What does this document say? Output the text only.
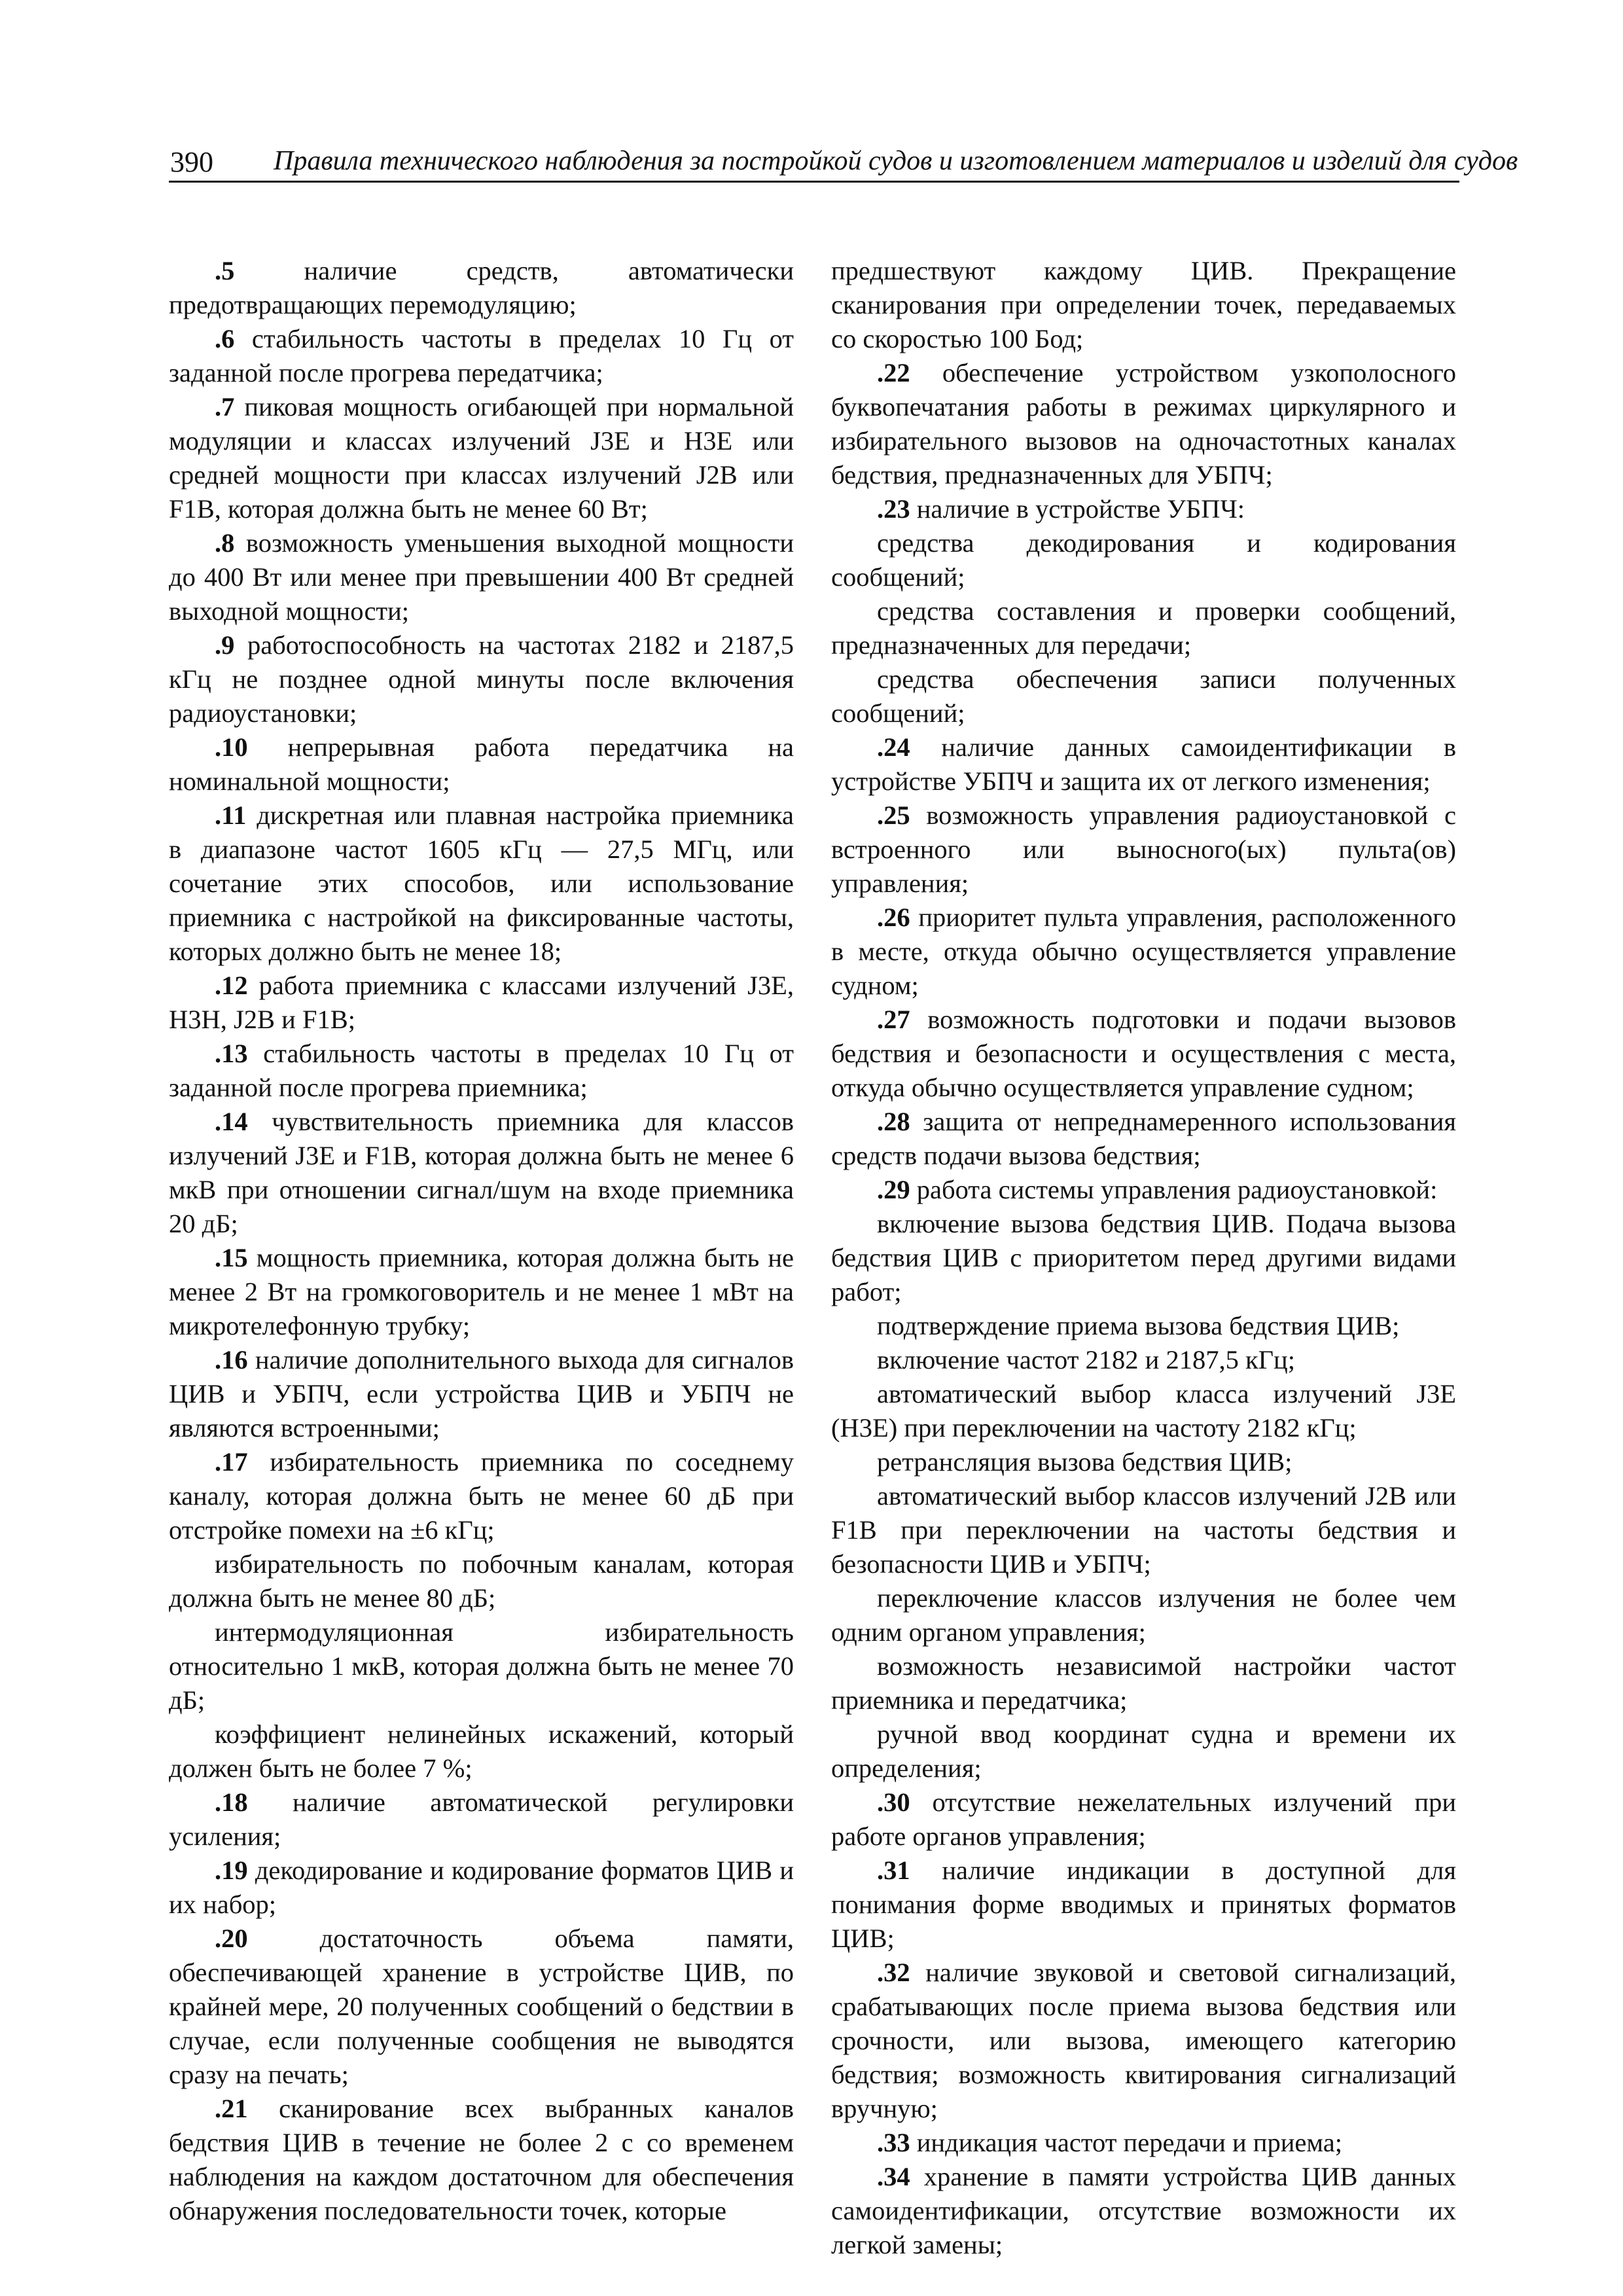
390 Правила технического наблюдения за постройкой судов и изготовлением материалов и изделий для судов

.5 наличие средств, автоматически предотвращающих перемодуляцию;

.6 стабильность частоты в пределах 10 Гц от заданной после прогрева передатчика;

.7 пиковая мощность огибающей при нормальной модуляции и классах излучений J3E и H3E или средней мощности при классах излучений J2B или F1B, которая должна быть не менее 60 Вт;

.8 возможность уменьшения выходной мощности до 400 Вт или менее при превышении 400 Вт средней выходной мощности;

.9 работоспособность на частотах 2182 и 2187,5 кГц не позднее одной минуты после включения радиоустановки;

.10 непрерывная работа передатчика на номинальной мощности;

.11 дискретная или плавная настройка приемника в диапазоне частот 1605 кГц — 27,5 МГц, или сочетание этих способов, или использование приемника с настройкой на фиксированные частоты, которых должно быть не менее 18;

.12 работа приемника с классами излучений J3E, H3H, J2B и F1B;

.13 стабильность частоты в пределах 10 Гц от заданной после прогрева приемника;

.14 чувствительность приемника для классов излучений J3E и F1B, которая должна быть не менее 6 мкВ при отношении сигнал/шум на входе приемника 20 дБ;

.15 мощность приемника, которая должна быть не менее 2 Вт на громкоговоритель и не менее 1 мВт на микротелефонную трубку;

.16 наличие дополнительного выхода для сигналов ЦИВ и УБПЧ, если устройства ЦИВ и УБПЧ не являются встроенными;

.17 избирательность приемника по соседнему каналу, которая должна быть не менее 60 дБ при отстройке помехи на ±6 кГц;

избирательность по побочным каналам, которая должна быть не менее 80 дБ;

интермодуляционная избирательность относительно 1 мкВ, которая должна быть не менее 70 дБ;

коэффициент нелинейных искажений, который должен быть не более 7 %;

.18 наличие автоматической регулировки усиления;

.19 декодирование и кодирование форматов ЦИВ и их набор;

.20 достаточность объема памяти, обеспечивающей хранение в устройстве ЦИВ, по крайней мере, 20 полученных сообщений о бедствии в случае, если полученные сообщения не выводятся сразу на печать;

.21 сканирование всех выбранных каналов бедствия ЦИВ в течение не более 2 с со временем наблюдения на каждом достаточном для обеспечения обнаружения последовательности точек, которые

предшествуют каждому ЦИВ. Прекращение сканирования при определении точек, передаваемых со скоростью 100 Бод;

.22 обеспечение устройством узкополосного буквопечатания работы в режимах циркулярного и избирательного вызовов на одночастотных каналах бедствия, предназначенных для УБПЧ;

.23 наличие в устройстве УБПЧ:

средства декодирования и кодирования сообщений;

средства составления и проверки сообщений, предназначенных для передачи;

средства обеспечения записи полученных сообщений;

.24 наличие данных самоидентификации в устройстве УБПЧ и защита их от легкого изменения;

.25 возможность управления радиоустановкой с встроенного или выносного(ых) пульта(ов) управления;

.26 приоритет пульта управления, расположенного в месте, откуда обычно осуществляется управление судном;

.27 возможность подготовки и подачи вызовов бедствия и безопасности и осуществления с места, откуда обычно осуществляется управление судном;

.28 защита от непреднамеренного использования средств подачи вызова бедствия;

.29 работа системы управления радиоустановкой:

включение вызова бедствия ЦИВ. Подача вызова бедствия ЦИВ с приоритетом перед другими видами работ;

подтверждение приема вызова бедствия ЦИВ;

включение частот 2182 и 2187,5 кГц;

автоматический выбор класса излучений J3E (H3E) при переключении на частоту 2182 кГц;

ретрансляция вызова бедствия ЦИВ;

автоматический выбор классов излучений J2B или F1B при переключении на частоты бедствия и безопасности ЦИВ и УБПЧ;

переключение классов излучения не более чем одним органом управления;

возможность независимой настройки частот приемника и передатчика;

ручной ввод координат судна и времени их определения;

.30 отсутствие нежелательных излучений при работе органов управления;

.31 наличие индикации в доступной для понимания форме вводимых и принятых форматов ЦИВ;

.32 наличие звуковой и световой сигнализаций, срабатывающих после приема вызова бедствия или срочности, или вызова, имеющего категорию бедствия; возможность квитирования сигнализаций вручную;

.33 индикация частот передачи и приема;

.34 хранение в памяти устройства ЦИВ данных самоидентификации, отсутствие возможности их легкой замены;
